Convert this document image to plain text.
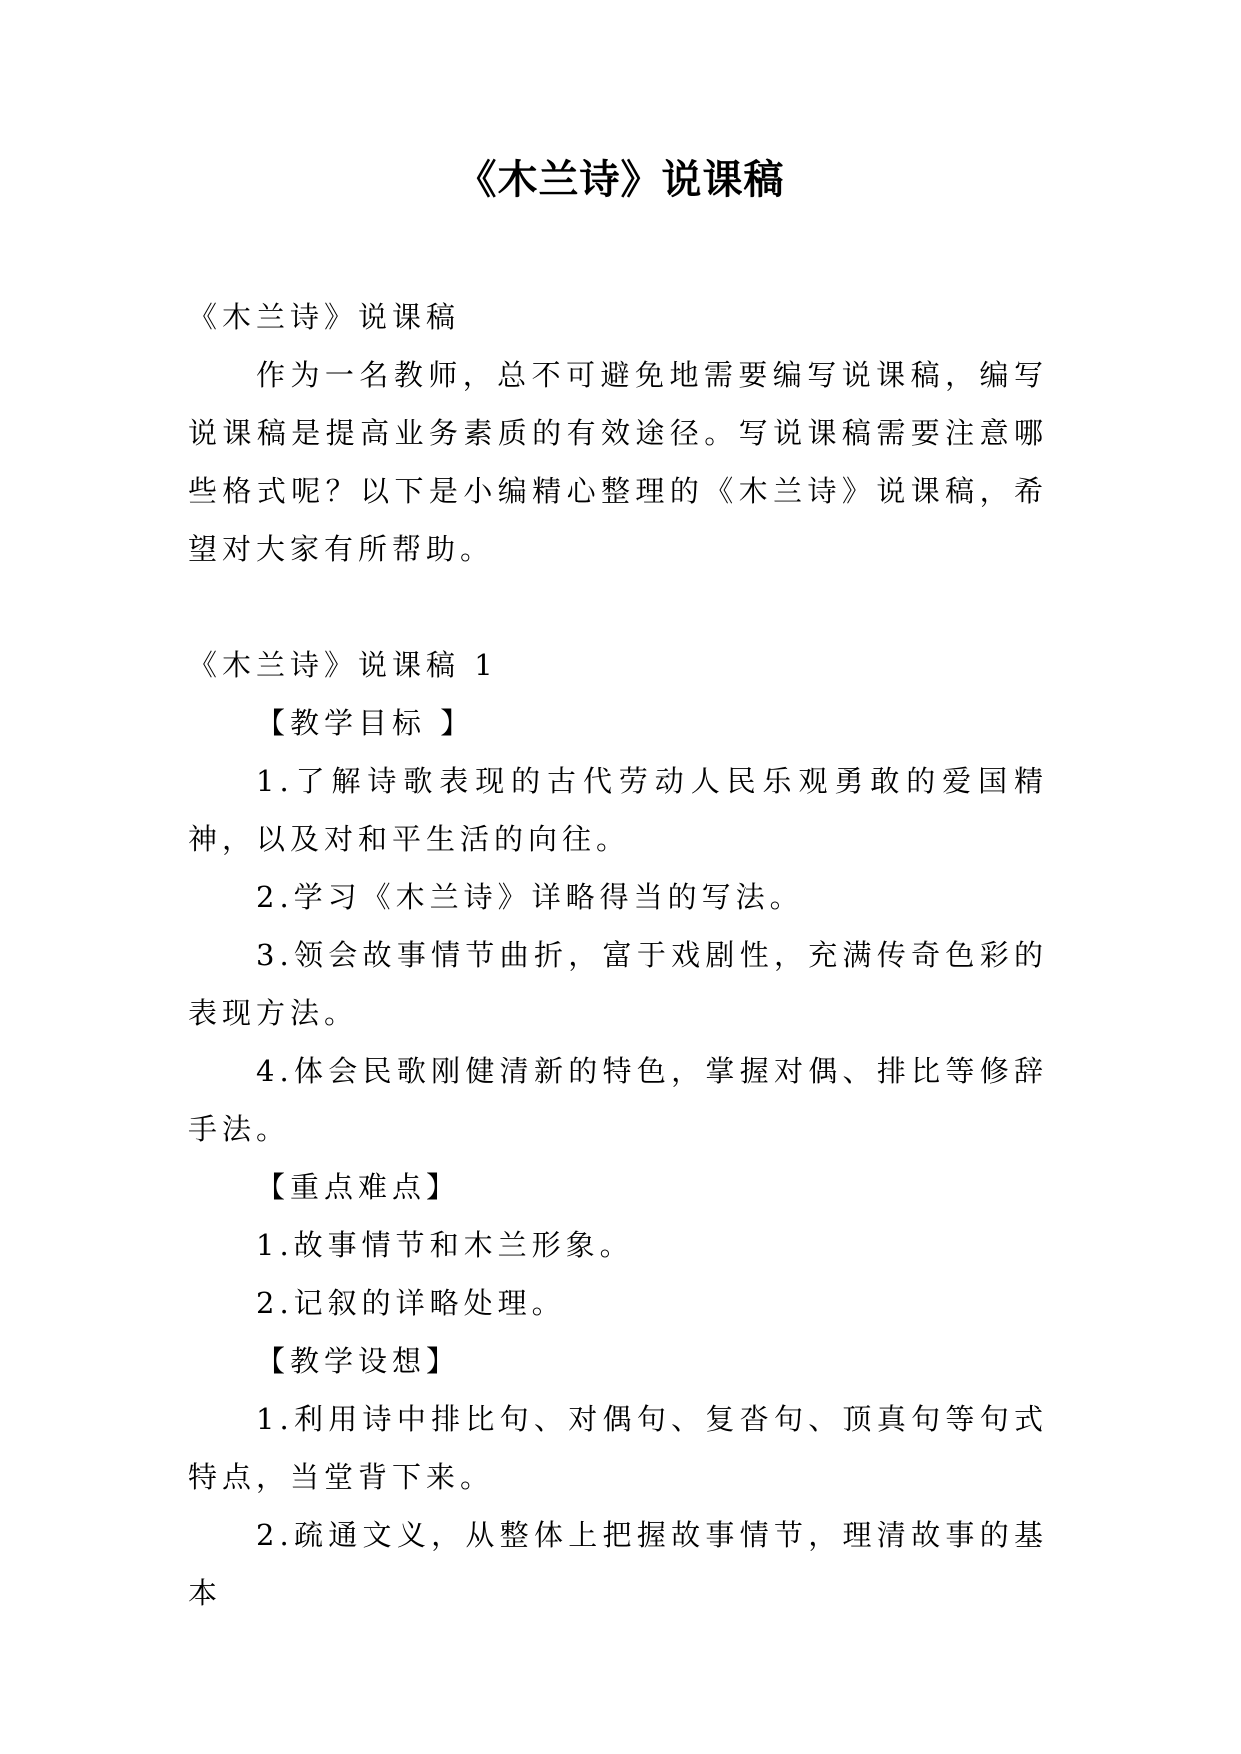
《木兰诗》说课稿

《木兰诗》说课稿

作为一名教师，总不可避免地需要编写说课稿，编写说课稿是提高业务素质的有效途径。写说课稿需要注意哪些格式呢？以下是小编精心整理的《木兰诗》说课稿，希望对大家有所帮助。

《木兰诗》说课稿 1

【教学目标 】

1.了解诗歌表现的古代劳动人民乐观勇敢的爱国精神，以及对和平生活的向往。

2.学习《木兰诗》详略得当的写法。

3.领会故事情节曲折，富于戏剧性，充满传奇色彩的表现方法。

4.体会民歌刚健清新的特色，掌握对偶、排比等修辞手法。

【重点难点】

1.故事情节和木兰形象。

2.记叙的详略处理。

【教学设想】

1.利用诗中排比句、对偶句、复沓句、顶真句等句式特点，当堂背下来。

2.疏通文义，从整体上把握故事情节，理清故事的基本
